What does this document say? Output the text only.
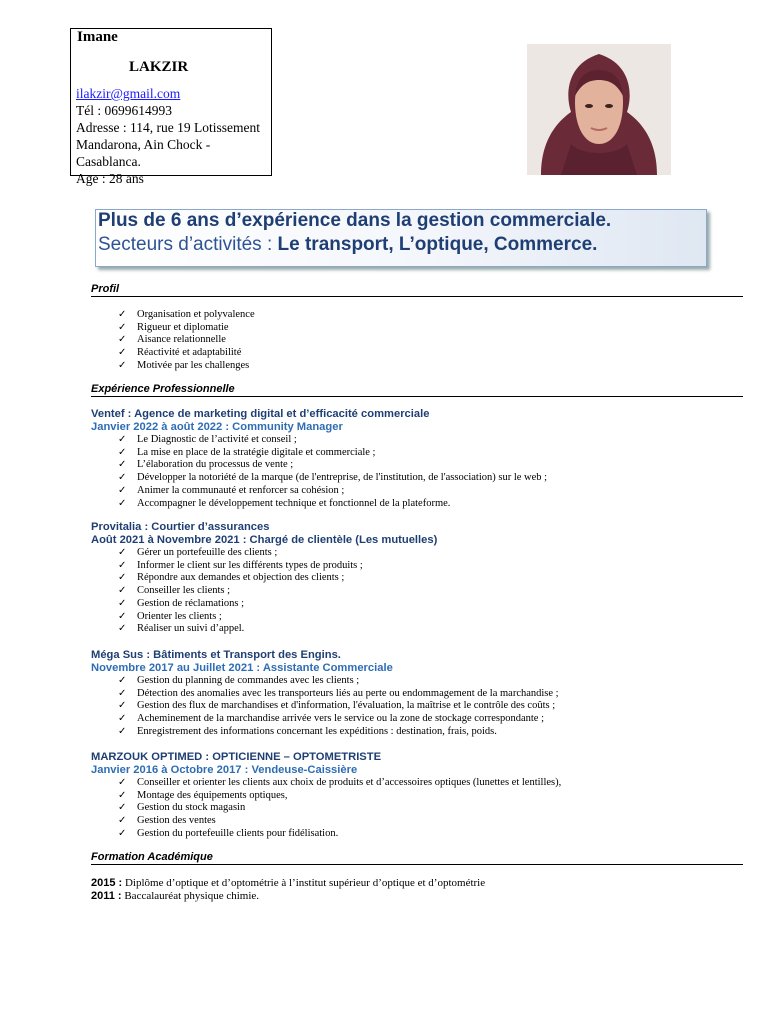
Imane
LAKZIR
ilakzir@gmail.com
Tél : 0699614993
Adresse : 114, rue 19 Lotissement Mandarona, Ain Chock - Casablanca.
Age : 28 ans
Plus de 6 ans d’expérience dans la gestion commerciale.
Secteurs d’activités : Le transport, L’optique, Commerce.
Profil
✓ Organisation et polyvalence
✓ Rigueur et diplomatie
✓ Aisance relationnelle
✓ Réactivité et adaptabilité
✓ Motivée par les challenges
Expérience Professionnelle
Ventef : Agence de marketing digital et d’efficacité commerciale
Janvier 2022 à août 2022 : Community Manager
✓ Le Diagnostic de l’activité et conseil ;
✓ La mise en place de la stratégie digitale et commerciale ;
✓ L’élaboration du processus de vente ;
✓ Développer la notoriété de la marque (de l'entreprise, de l'institution, de l'association) sur le web ;
✓ Animer la communauté et renforcer sa cohésion ;
✓ Accompagner le développement technique et fonctionnel de la plateforme.
Provitalia : Courtier d’assurances
Août 2021 à Novembre 2021 : Chargé de clientèle (Les mutuelles)
✓ Gérer un portefeuille des clients ;
✓ Informer le client sur les différents types de produits ;
✓ Répondre aux demandes et objection des clients ;
✓ Conseiller les clients ;
✓ Gestion de réclamations ;
✓ Orienter les clients ;
✓ Réaliser un suivi d’appel.
Méga Sus : Bâtiments et Transport des Engins.
Novembre 2017 au Juillet 2021 : Assistante Commerciale
✓ Gestion du planning de commandes avec les clients ;
✓ Détection des anomalies avec les transporteurs liés au perte ou endommagement de la marchandise ;
✓ Gestion des flux de marchandises et d'information, l'évaluation, la maîtrise et le contrôle des coûts ;
✓ Acheminement de la marchandise arrivée vers le service ou la zone de stockage correspondante ;
✓ Enregistrement des informations concernant les expéditions : destination, frais, poids.
MARZOUK OPTIMED : OPTICIENNE – OPTOMETRISTE
Janvier 2016 à Octobre 2017 : Vendeuse-Caissière
✓ Conseiller et orienter les clients aux choix de produits et d’accessoires optiques (lunettes et lentilles),
✓ Montage des équipements optiques,
✓ Gestion du stock magasin
✓ Gestion des ventes
✓ Gestion du portefeuille clients pour fidélisation.
Formation Académique
2015 : Diplôme d’optique et d’optométrie à l’institut supérieur d’optique et d’optométrie
2011 : Baccalauréat physique chimie.
